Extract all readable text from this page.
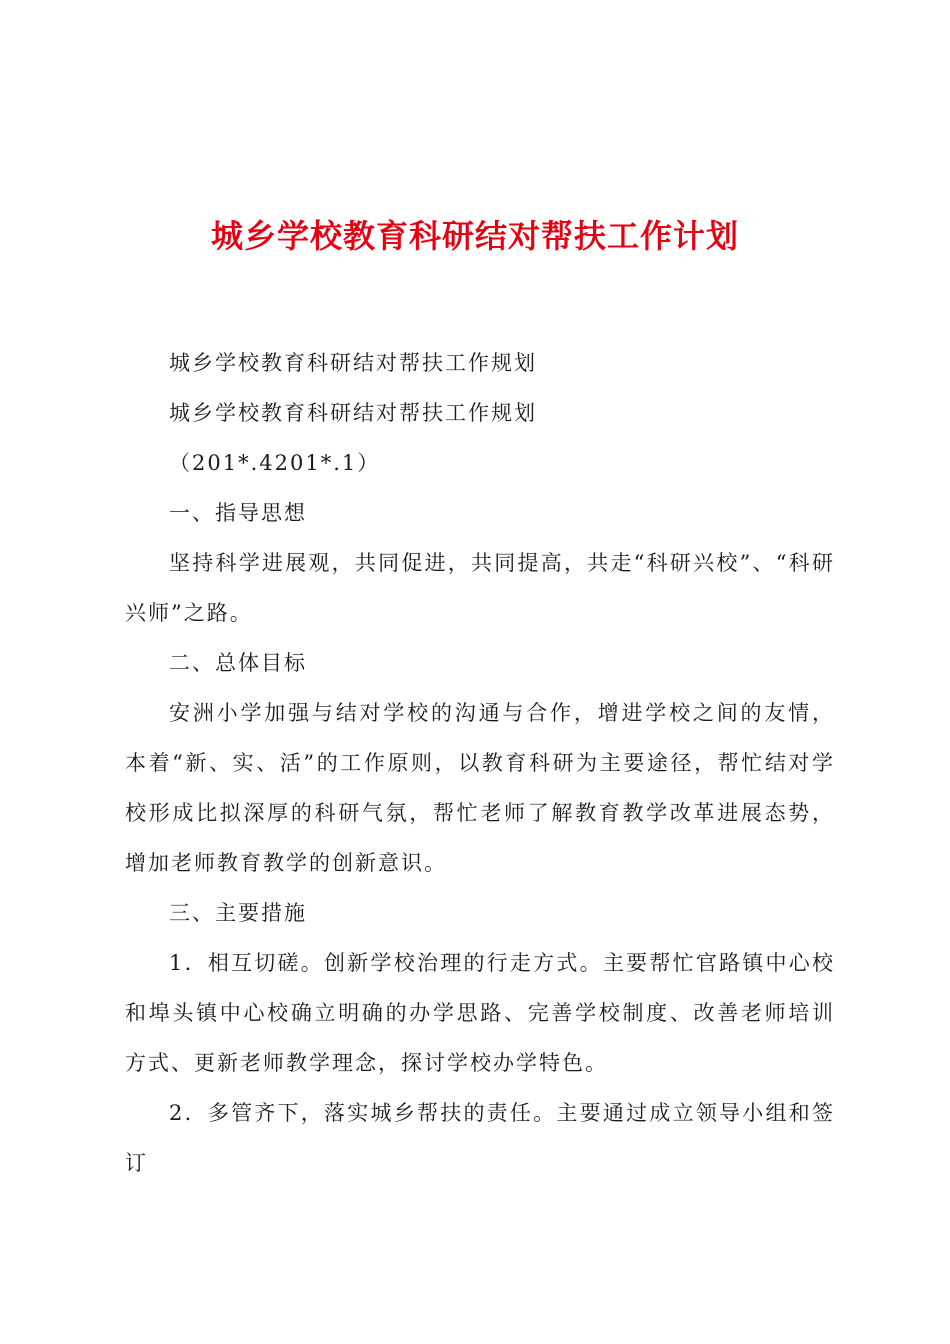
城乡学校教育科研结对帮扶工作计划

城乡学校教育科研结对帮扶工作规划

城乡学校教育科研结对帮扶工作规划

（201*.4201*.1）

一、指导思想

坚持科学进展观，共同促进，共同提高，共走“科研兴校”、“科研兴师”之路。

二、总体目标

安洲小学加强与结对学校的沟通与合作，增进学校之间的友情，本着“新、实、活”的工作原则，以教育科研为主要途径，帮忙结对学校形成比拟深厚的科研气氛，帮忙老师了解教育教学改革进展态势，增加老师教育教学的创新意识。

三、主要措施

1．相互切磋。创新学校治理的行走方式。主要帮忙官路镇中心校和埠头镇中心校确立明确的办学思路、完善学校制度、改善老师培训方式、更新老师教学理念，探讨学校办学特色。

2．多管齐下，落实城乡帮扶的责任。主要通过成立领导小组和签订
